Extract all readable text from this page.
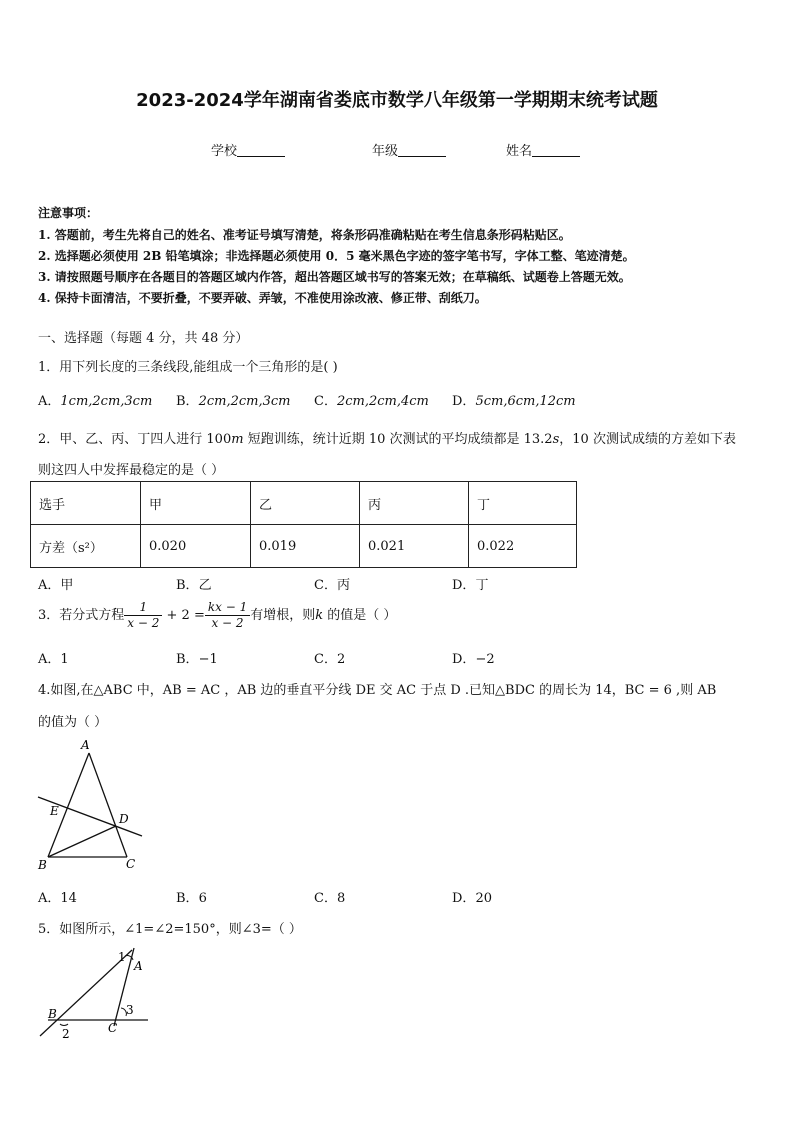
2023-2024学年湖南省娄底市数学八年级第一学期期末统考试题
学校	年级	姓名
注意事项：
1. 答题前，考生先将自己的姓名、准考证号填写清楚，将条形码准确粘贴在考生信息条形码粘贴区。
2. 选择题必须使用 2B 铅笔填涂；非选择题必须使用 0．5 毫米黑色字迹的签字笔书写，字体工整、笔迹清楚。
3. 请按照题号顺序在各题目的答题区域内作答，超出答题区域书写的答案无效；在草稿纸、试题卷上答题无效。
4. 保持卡面清洁，不要折叠，不要弄破、弄皱，不准使用涂改液、修正带、刮纸刀。
一、选择题（每题 4 分，共 48 分）
1．用下列长度的三条线段,能组成一个三角形的是( )
A．1cm,2cm,3cm B．2cm,2cm,3cm C．2cm,2cm,4cm D．5cm,6cm,12cm
2．甲、乙、丙、丁四人进行 100m 短跑训练，统计近期 10 次测试的平均成绩都是 13.2s，10 次测试成绩的方差如下表
则这四人中发挥最稳定的是（ ）
选手	甲	乙	丙	丁
方差（s²）	0.020	0.019	0.021	0.022
A．甲	B．乙	C．丙	D．丁
3．若分式方程 $\frac{1}{x - 2} + 2 = \frac{kx - 1}{x - 2}$ 有增根，则k 的值是（ ）
A．1	B．−1	C．2	D．−2
4.如图,在△ABC 中，AB = AC ，AB 边的垂直平分线 DE 交 AC 于点 D .已知△BDC 的周长为 14，BC = 6 ,则 AB
的值为（ ）
A
E
D
B	C
A．14	B．6	C．8	D．20
5．如图所示，∠1=∠2=150°，则∠3=（ ）
1
A
B
C
3
2
